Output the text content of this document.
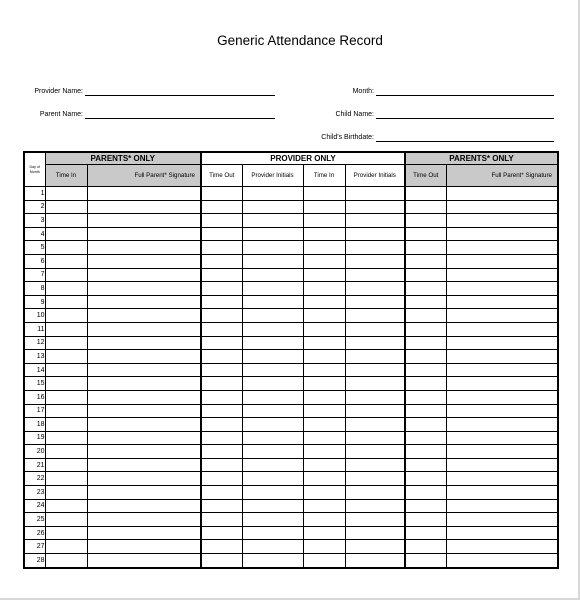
Generic Attendance Record
Provider Name:
Parent Name:
Month:
Child Name:
Child's Birthdate:
Day of Month	PARENTS* ONLY		PROVIDER ONLY				PARENTS* ONLY	
	Time In	Full Parent* Signature	Time Out	Provider Initials	Time In	Provider Initials	Time Out	Full Parent* Signature
1								
2								
3								
4								
5								
6								
7								
8								
9								
10								
11								
12								
13								
14								
15								
16								
17								
18								
19								
20								
21								
22								
23								
24								
25								
26								
27								
28								
